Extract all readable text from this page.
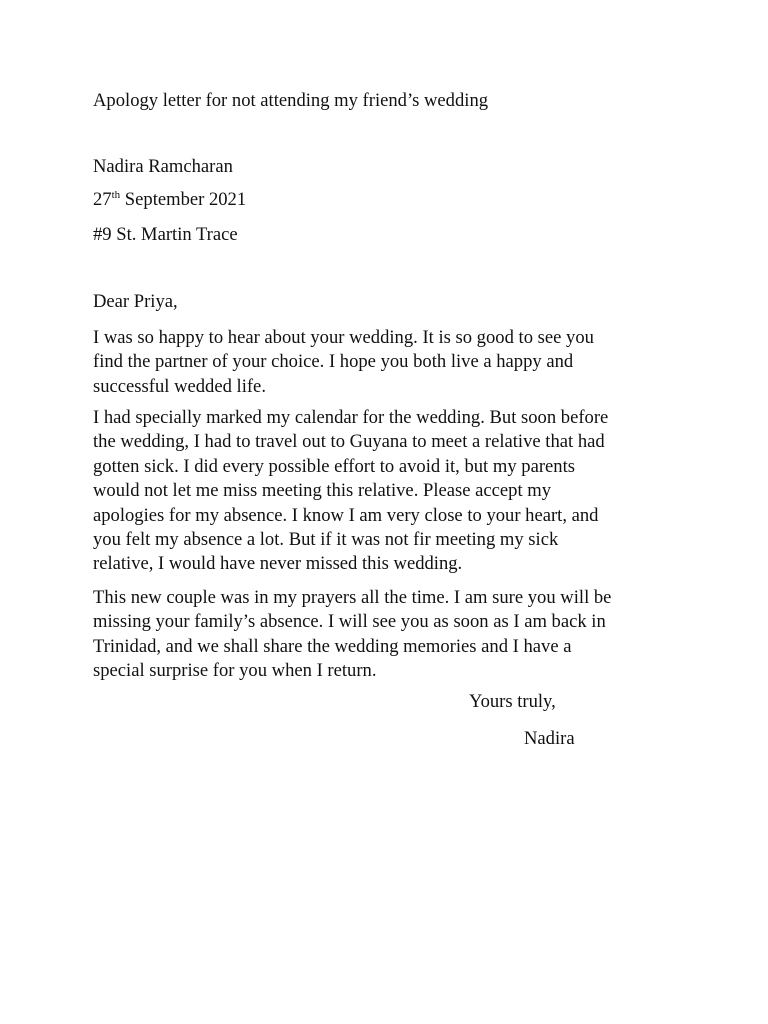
Apology letter for not attending my friend’s wedding
Nadira Ramcharan
27th September 2021
#9 St. Martin Trace
Dear Priya,
I was so happy to hear about your wedding. It is so good to see you
find the partner of your choice. I hope you both live a happy and
successful wedded life.
I had specially marked my calendar for the wedding. But soon before
the wedding, I had to travel out to Guyana to meet a relative that had
gotten sick. I did every possible effort to avoid it, but my parents
would not let me miss meeting this relative. Please accept my
apologies for my absence. I know I am very close to your heart, and
you felt my absence a lot. But if it was not fir meeting my sick
relative, I would have never missed this wedding.
This new couple was in my prayers all the time. I am sure you will be
missing your family’s absence. I will see you as soon as I am back in
Trinidad, and we shall share the wedding memories and I have a
special surprise for you when I return.
Yours truly,
Nadira
